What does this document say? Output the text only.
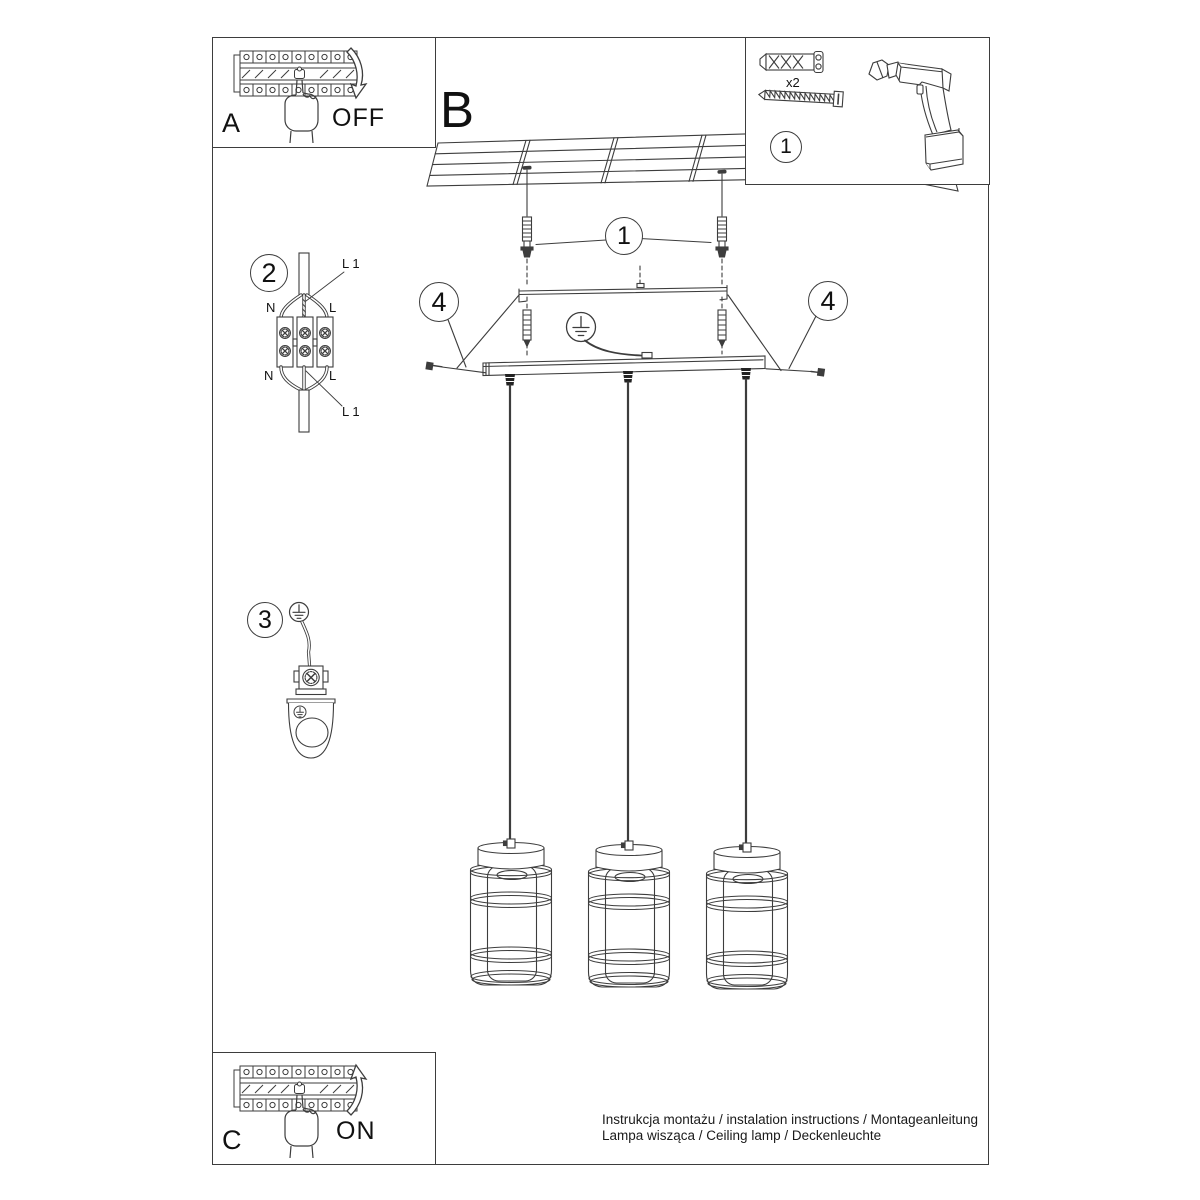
A	OFF
C	ON
x2
1
B
1
4	4
2
3
N	L
L 1
N	L
L 1
Instrukcja montażu / instalation instructions / Montageanleitung
Lampa wisząca / Ceiling lamp / Deckenleuchte
